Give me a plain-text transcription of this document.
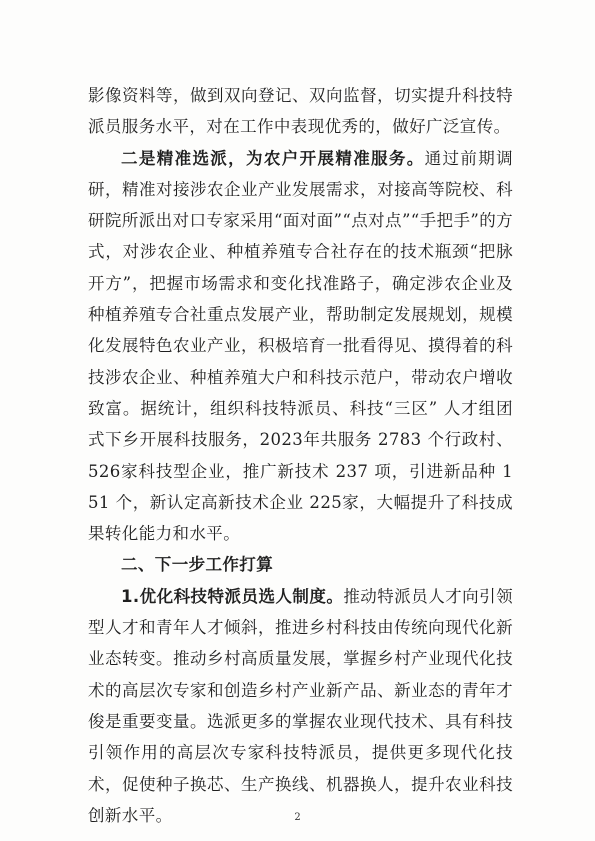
影像资料等，做到双向登记、双向监督，切实提升科技特派员服务水平，对在工作中表现优秀的，做好广泛宣传。

二是精准选派，为农户开展精准服务。通过前期调研，精准对接涉农企业产业发展需求，对接高等院校、科研院所派出对口专家采用“面对面”“点对点”“手把手”的方式，对涉农企业、种植养殖专合社存在的技术瓶颈“把脉开方”，把握市场需求和变化找准路子，确定涉农企业及种植养殖专合社重点发展产业，帮助制定发展规划，规模化发展特色农业产业，积极培育一批看得见、摸得着的科技涉农企业、种植养殖大户和科技示范户，带动农户增收致富。据统计，组织科技特派员、科技“三区” 人才组团式下乡开展科技服务，2023年共服务 2783 个行政村、526家科技型企业，推广新技术 237 项，引进新品种 151 个，新认定高新技术企业 225家，大幅提升了科技成果转化能力和水平。

二、下一步工作打算

1.优化科技特派员选人制度。推动特派员人才向引领型人才和青年人才倾斜，推进乡村科技由传统向现代化新业态转变。推动乡村高质量发展，掌握乡村产业现代化技术的高层次专家和创造乡村产业新产品、新业态的青年才俊是重要变量。选派更多的掌握农业现代技术、具有科技引领作用的高层次专家科技特派员，提供更多现代化技术，促使种子换芯、生产换线、机器换人，提升农业科技创新水平。	2
